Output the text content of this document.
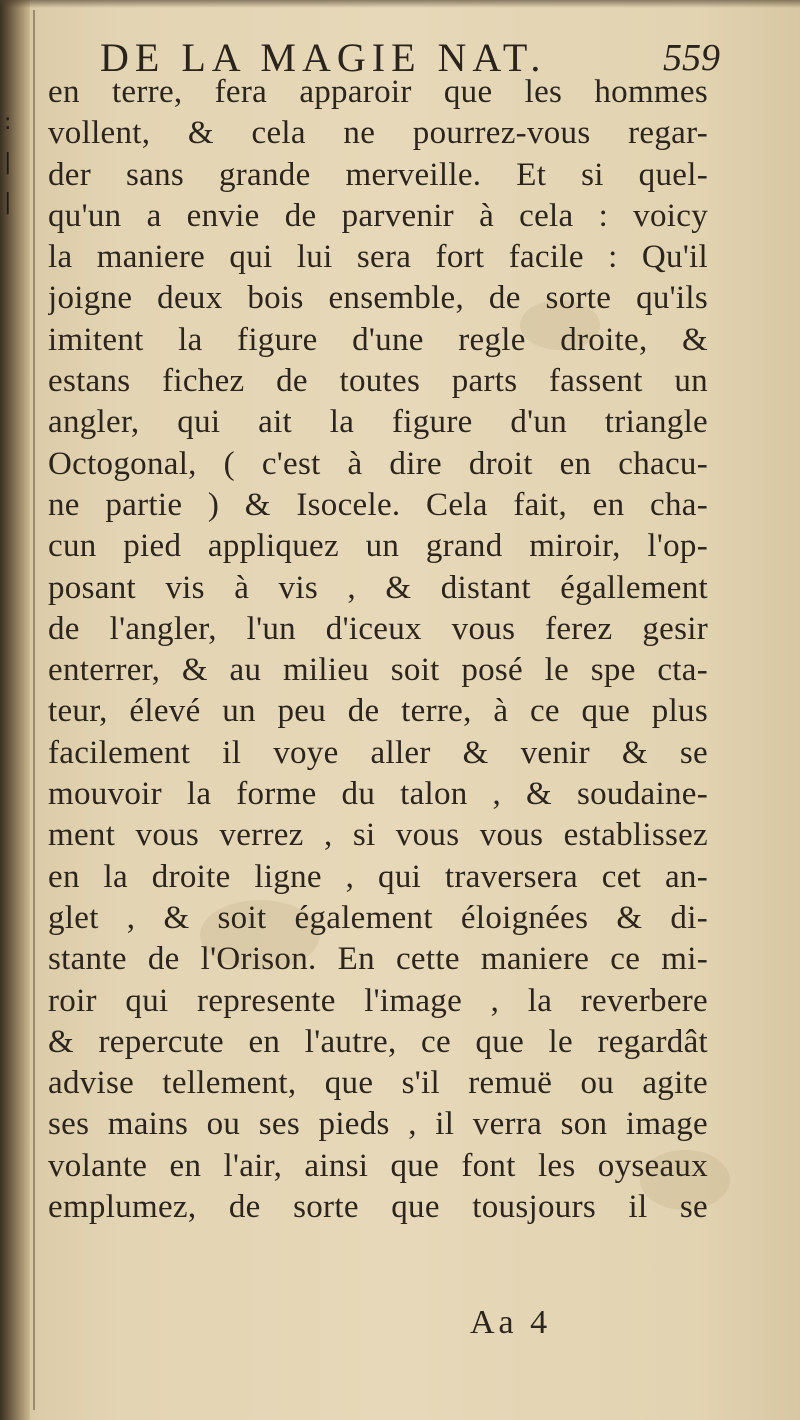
:
|
|
DE LA MAGIE NAT.	559
en terre, fera apparoir que les hommes
vollent, & cela ne pourrez-vous regar-
der sans grande merveille. Et si quel-
qu'un a envie de parvenir à cela : voicy
la maniere qui lui sera fort facile : Qu'il
joigne deux bois ensemble, de sorte qu'ils
imitent la figure d'une regle droite, &
estans fichez de toutes parts fassent un
angler, qui ait la figure d'un triangle
Octogonal, ( c'est à dire droit en chacu-
ne partie ) & Isocele. Cela fait, en cha-
cun pied appliquez un grand miroir, l'op-
posant vis à vis , & distant égallement
de l'angler, l'un d'iceux vous ferez gesir
enterrer, & au milieu soit posé le spe cta-
teur, élevé un peu de terre, à ce que plus
facilement il voye aller & venir & se
mouvoir la forme du talon , & soudaine-
ment vous verrez , si vous vous establissez
en la droite ligne , qui traversera cet an-
glet , & soit également éloignées & di-
stante de l'Orison. En cette maniere ce mi-
roir qui represente l'image , la reverbere
& repercute en l'autre, ce que le regardât
advise tellement, que s'il remuë ou agite
ses mains ou ses pieds , il verra son image
volante en l'air, ainsi que font les oyseaux
emplumez, de sorte que tousjours il se
Aa 4
